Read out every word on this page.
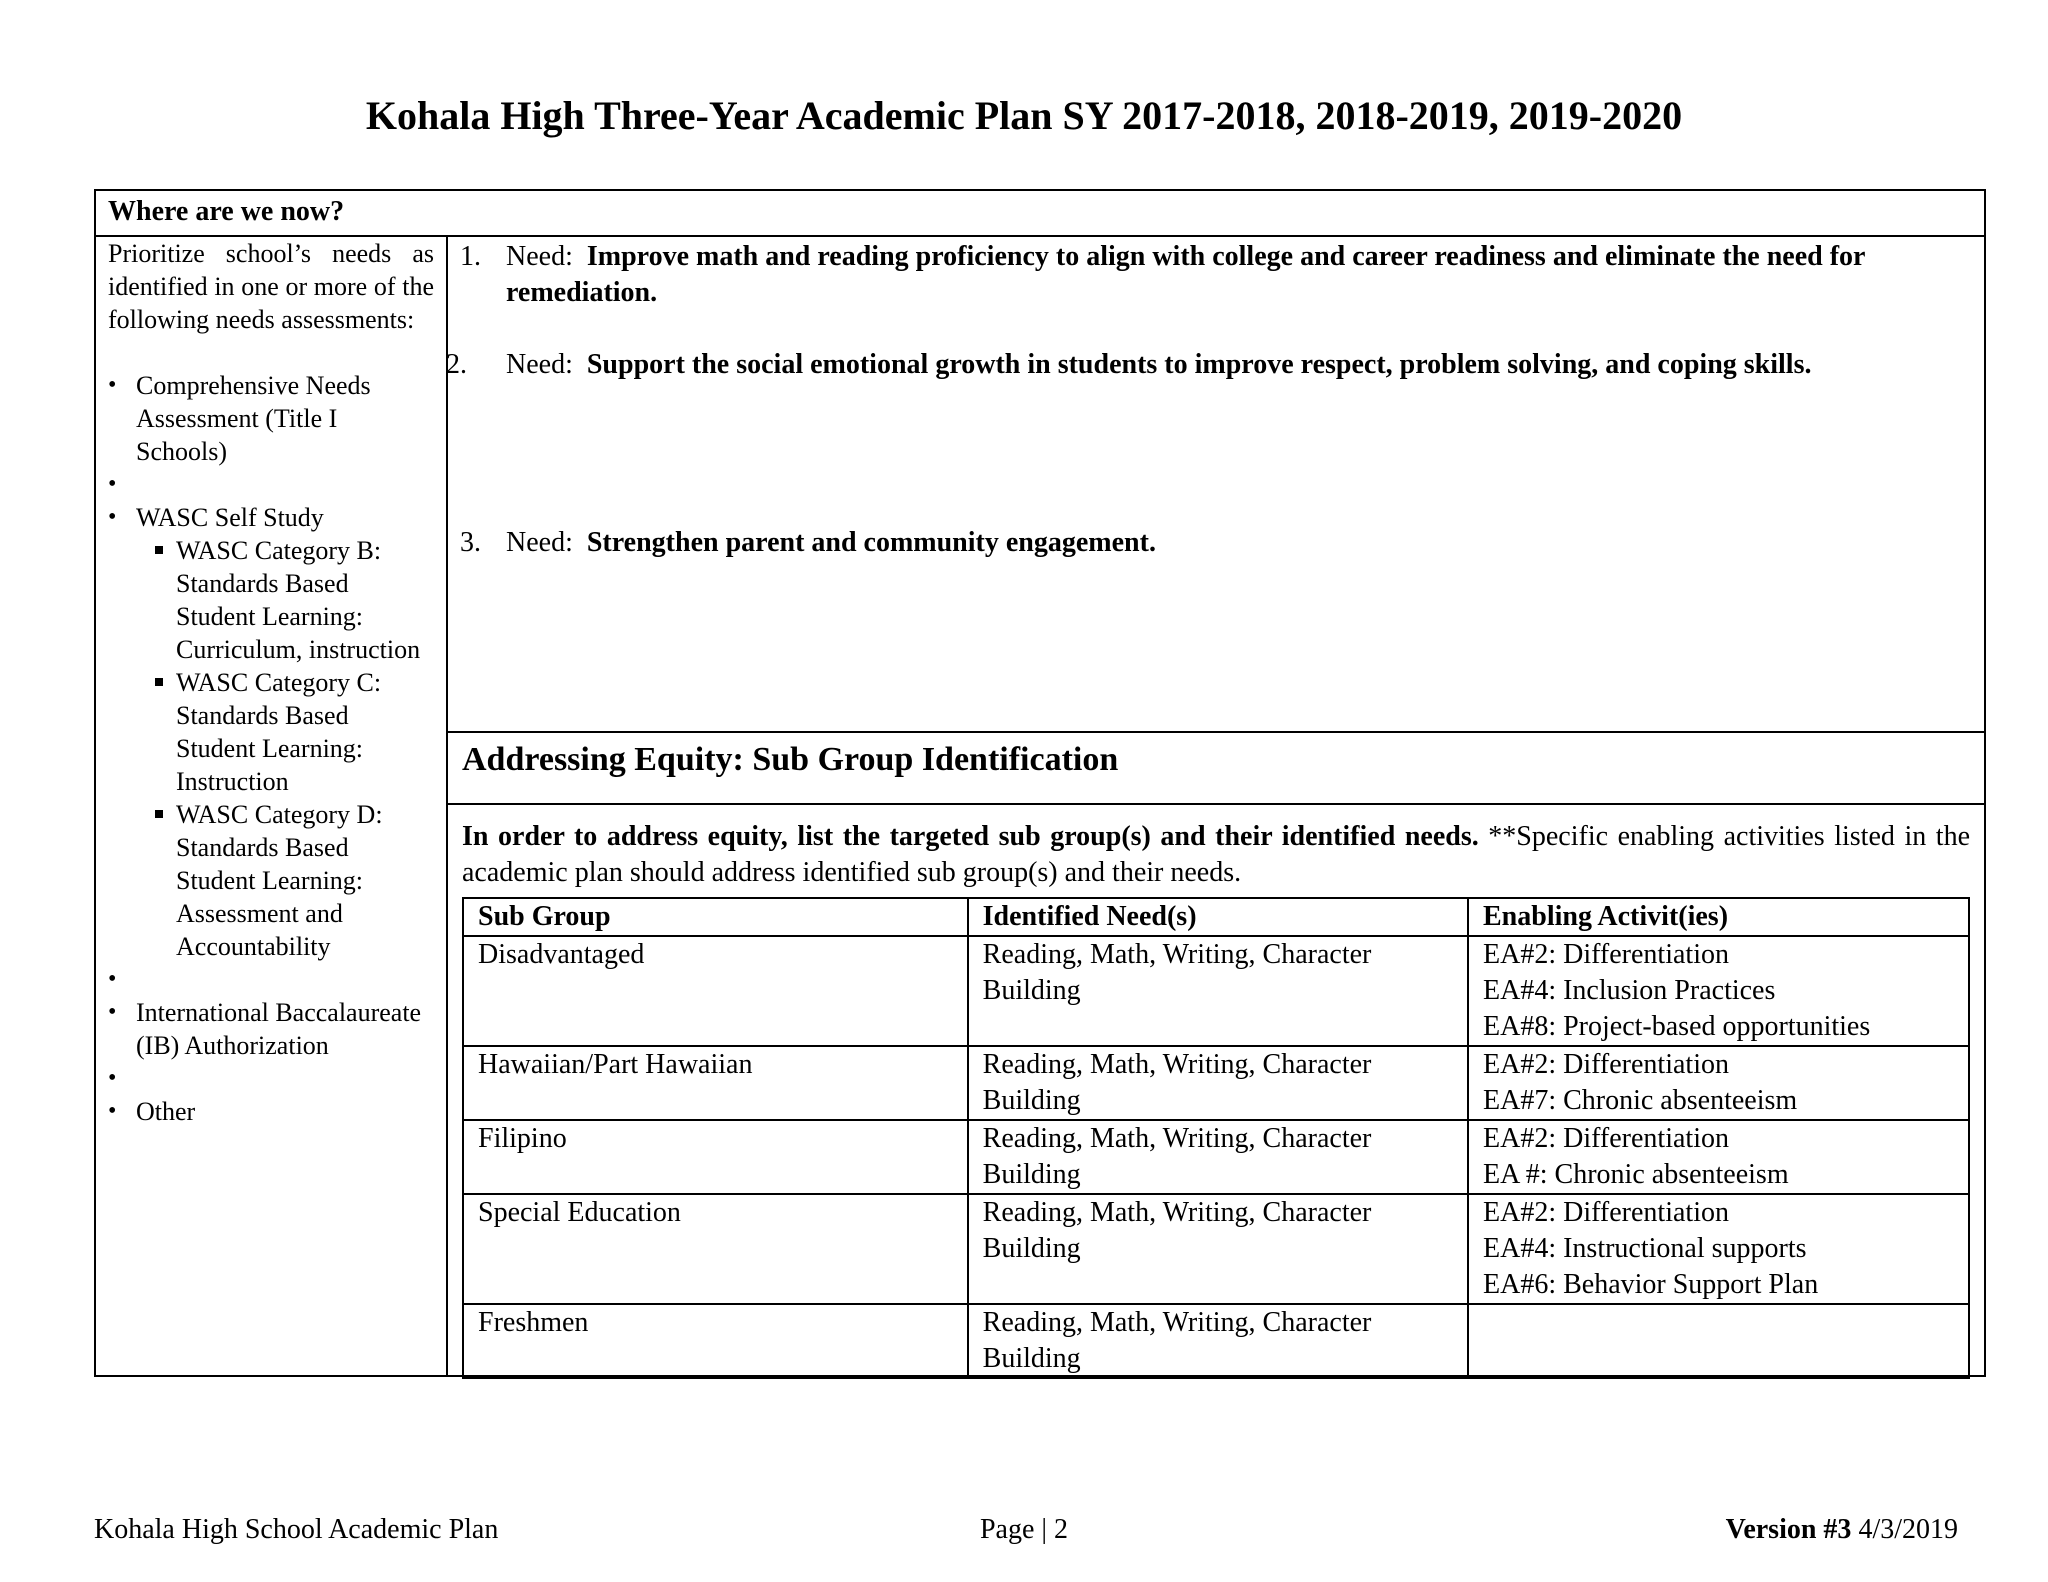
Kohala High Three-Year Academic Plan SY 2017-2018, 2018-2019, 2019-2020
Where are we now?

Prioritize school’s needs as identified in one or more of the following needs assessments:

• Comprehensive Needs Assessment (Title I Schools)
•
• WASC Self Study
WASC Category B: Standards Based Student Learning: Curriculum, instruction
WASC Category C: Standards Based Student Learning: Instruction
WASC Category D: Standards Based Student Learning: Assessment and Accountability
•
• International Baccalaureate (IB) Authorization
•
• Other
1. Need: Improve math and reading proficiency to align with college and career readiness and eliminate the need for remediation.
2. Need: Support the social emotional growth in students to improve respect, problem solving, and coping skills.
3. Need: Strengthen parent and community engagement.
Addressing Equity: Sub Group Identification
In order to address equity, list the targeted sub group(s) and their identified needs. **Specific enabling activities listed in the academic plan should address identified sub group(s) and their needs.
Sub Group	Identified Need(s)	Enabling Activit(ies)
Disadvantaged	Reading, Math, Writing, Character Building	EA#2: Differentiation
EA#4: Inclusion Practices
EA#8: Project-based opportunities

Hawaiian/Part Hawaiian	Reading, Math, Writing, Character Building	EA#2: Differentiation
EA#7: Chronic absenteeism

Filipino	Reading, Math, Writing, Character Building	EA#2: Differentiation
EA #: Chronic absenteeism

Special Education	Reading, Math, Writing, Character Building	EA#2: Differentiation
EA#4: Instructional supports
EA#6: Behavior Support Plan

Freshmen	Reading, Math, Writing, Character Building	
Kohala High School Academic Plan	Page | 2	Version #3 4/3/2019
